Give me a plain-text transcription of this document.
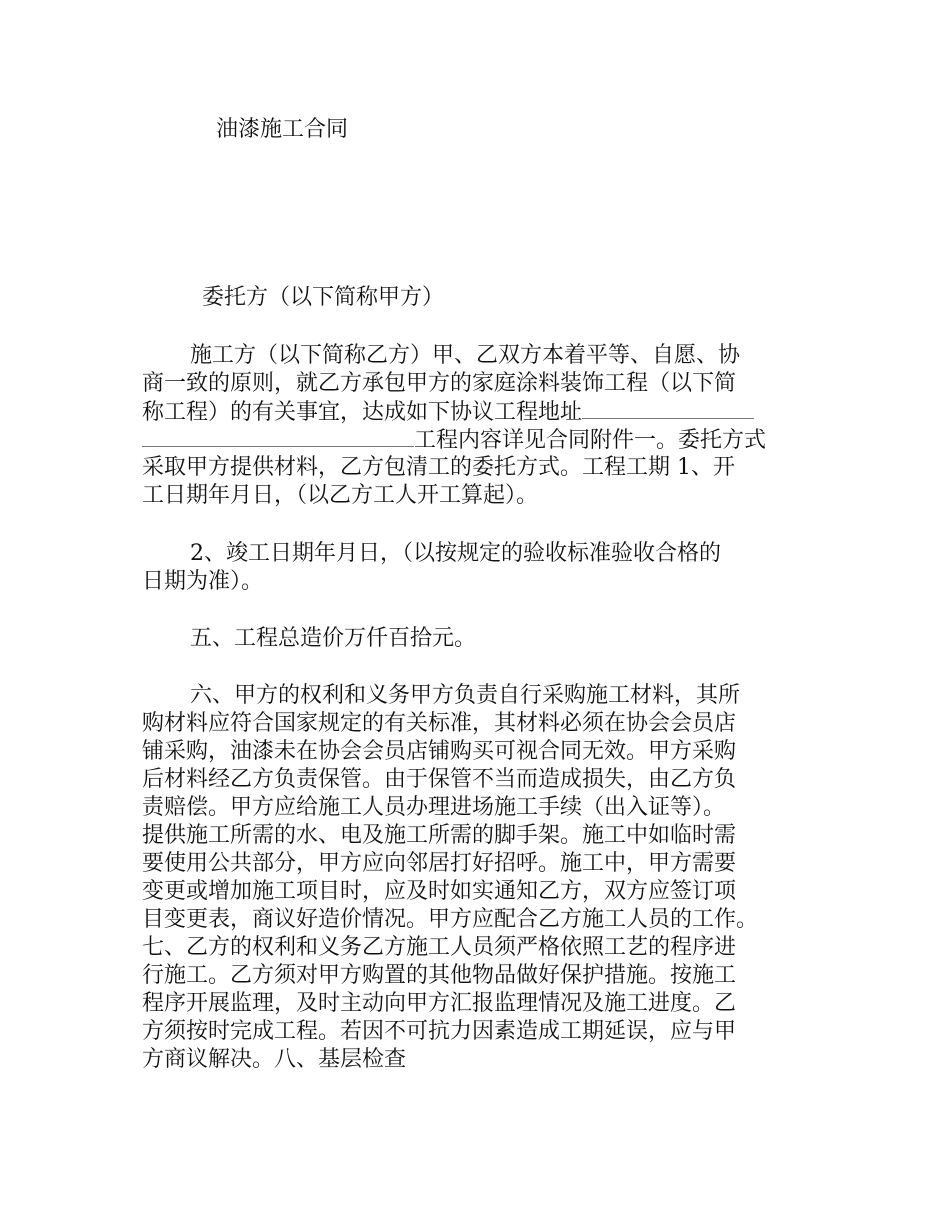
油漆施工合同
委托方（以下简称甲方）
施工方（以下简称乙方）甲、乙双方本着平等、自愿、协
商一致的原则，就乙方承包甲方的家庭涂料装饰工程（以下简
称工程）的有关事宜，达成如下协议工程地址
工程内容详见合同附件一。委托方式
采取甲方提供材料，乙方包清工的委托方式。工程工期 1、开
工日期年月日，（以乙方工人开工算起）。
2、竣工日期年月日，（以按规定的验收标准验收合格的
日期为准）。
五、工程总造价万仟百拾元。
六、甲方的权利和义务甲方负责自行采购施工材料，其所
购材料应符合国家规定的有关标准，其材料必须在协会会员店
铺采购，油漆未在协会会员店铺购买可视合同无效。甲方采购
后材料经乙方负责保管。由于保管不当而造成损失，由乙方负
责赔偿。甲方应给施工人员办理进场施工手续（出入证等）。
提供施工所需的水、电及施工所需的脚手架。施工中如临时需
要使用公共部分，甲方应向邻居打好招呼。施工中，甲方需要
变更或增加施工项目时，应及时如实通知乙方，双方应签订项
目变更表，商议好造价情况。甲方应配合乙方施工人员的工作。
七、乙方的权利和义务乙方施工人员须严格依照工艺的程序进
行施工。乙方须对甲方购置的其他物品做好保护措施。按施工
程序开展监理，及时主动向甲方汇报监理情况及施工进度。乙
方须按时完成工程。若因不可抗力因素造成工期延误，应与甲
方商议解决。八、基层检查
